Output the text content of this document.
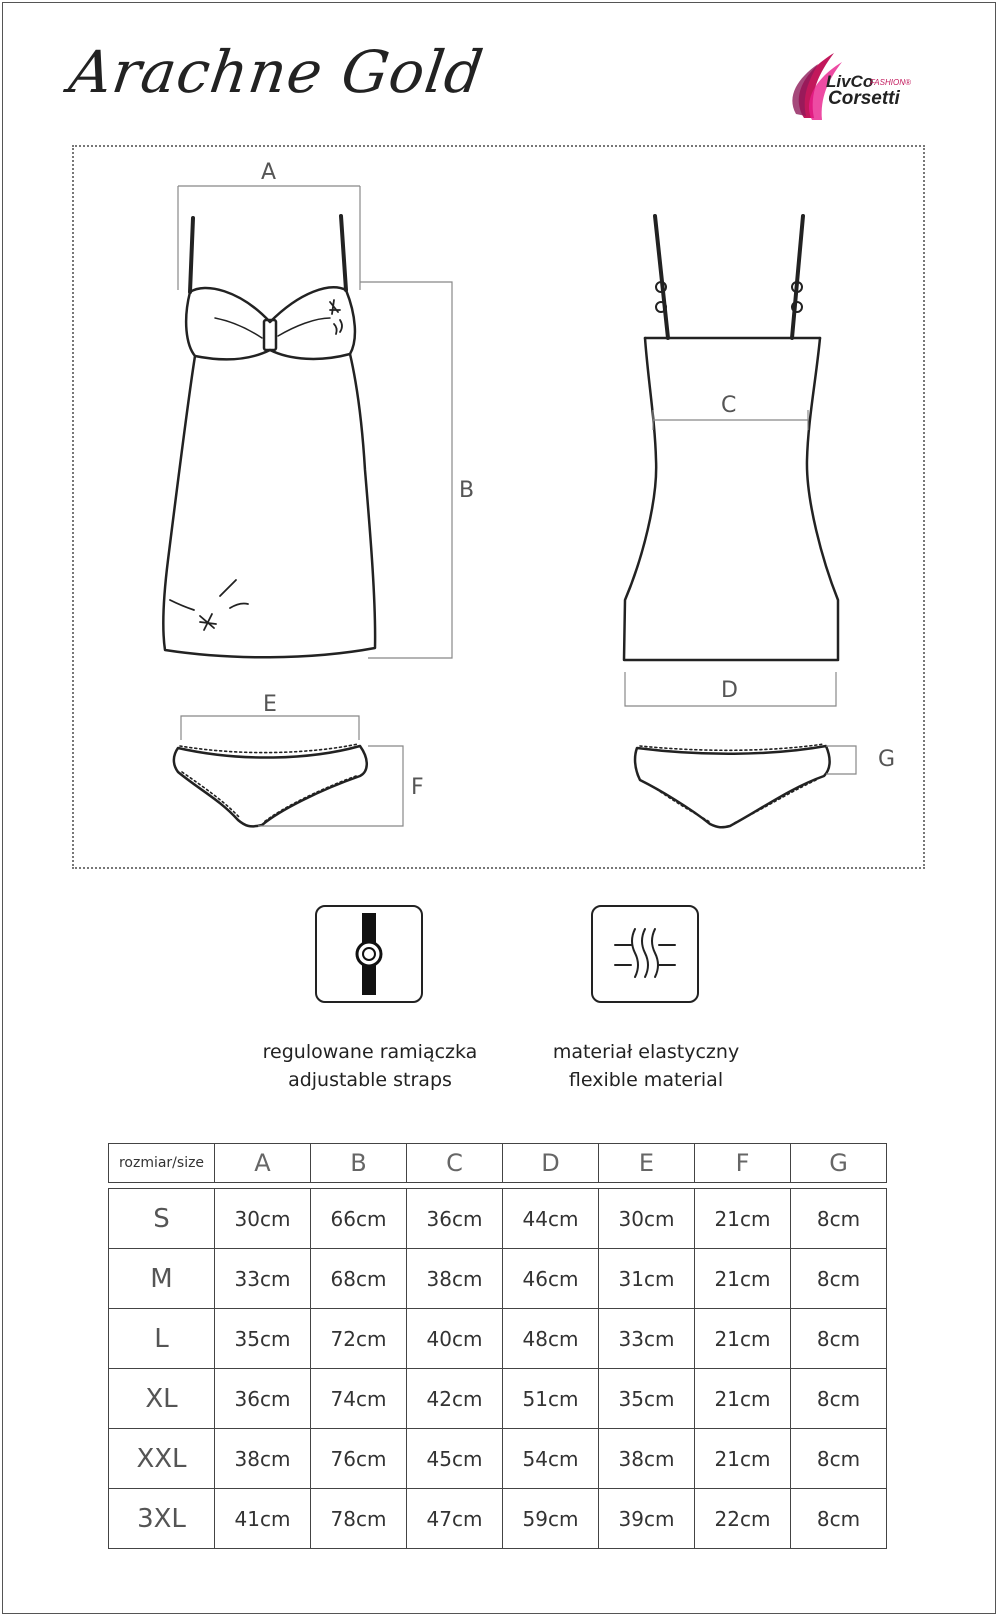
Arachne Gold	LivCo
FASHION®
Corsetti
A
B
C
D
E
F
G
regulowane ramiączka
adjustable straps
materiał elastyczny
flexible material
rozmiar/size	A	B	C	D	E	F	G
S	30cm	66cm	36cm	44cm	30cm	21cm	8cm
M	33cm	68cm	38cm	46cm	31cm	21cm	8cm
L	35cm	72cm	40cm	48cm	33cm	21cm	8cm
XL	36cm	74cm	42cm	51cm	35cm	21cm	8cm
XXL	38cm	76cm	45cm	54cm	38cm	21cm	8cm
3XL	41cm	78cm	47cm	59cm	39cm	22cm	8cm
